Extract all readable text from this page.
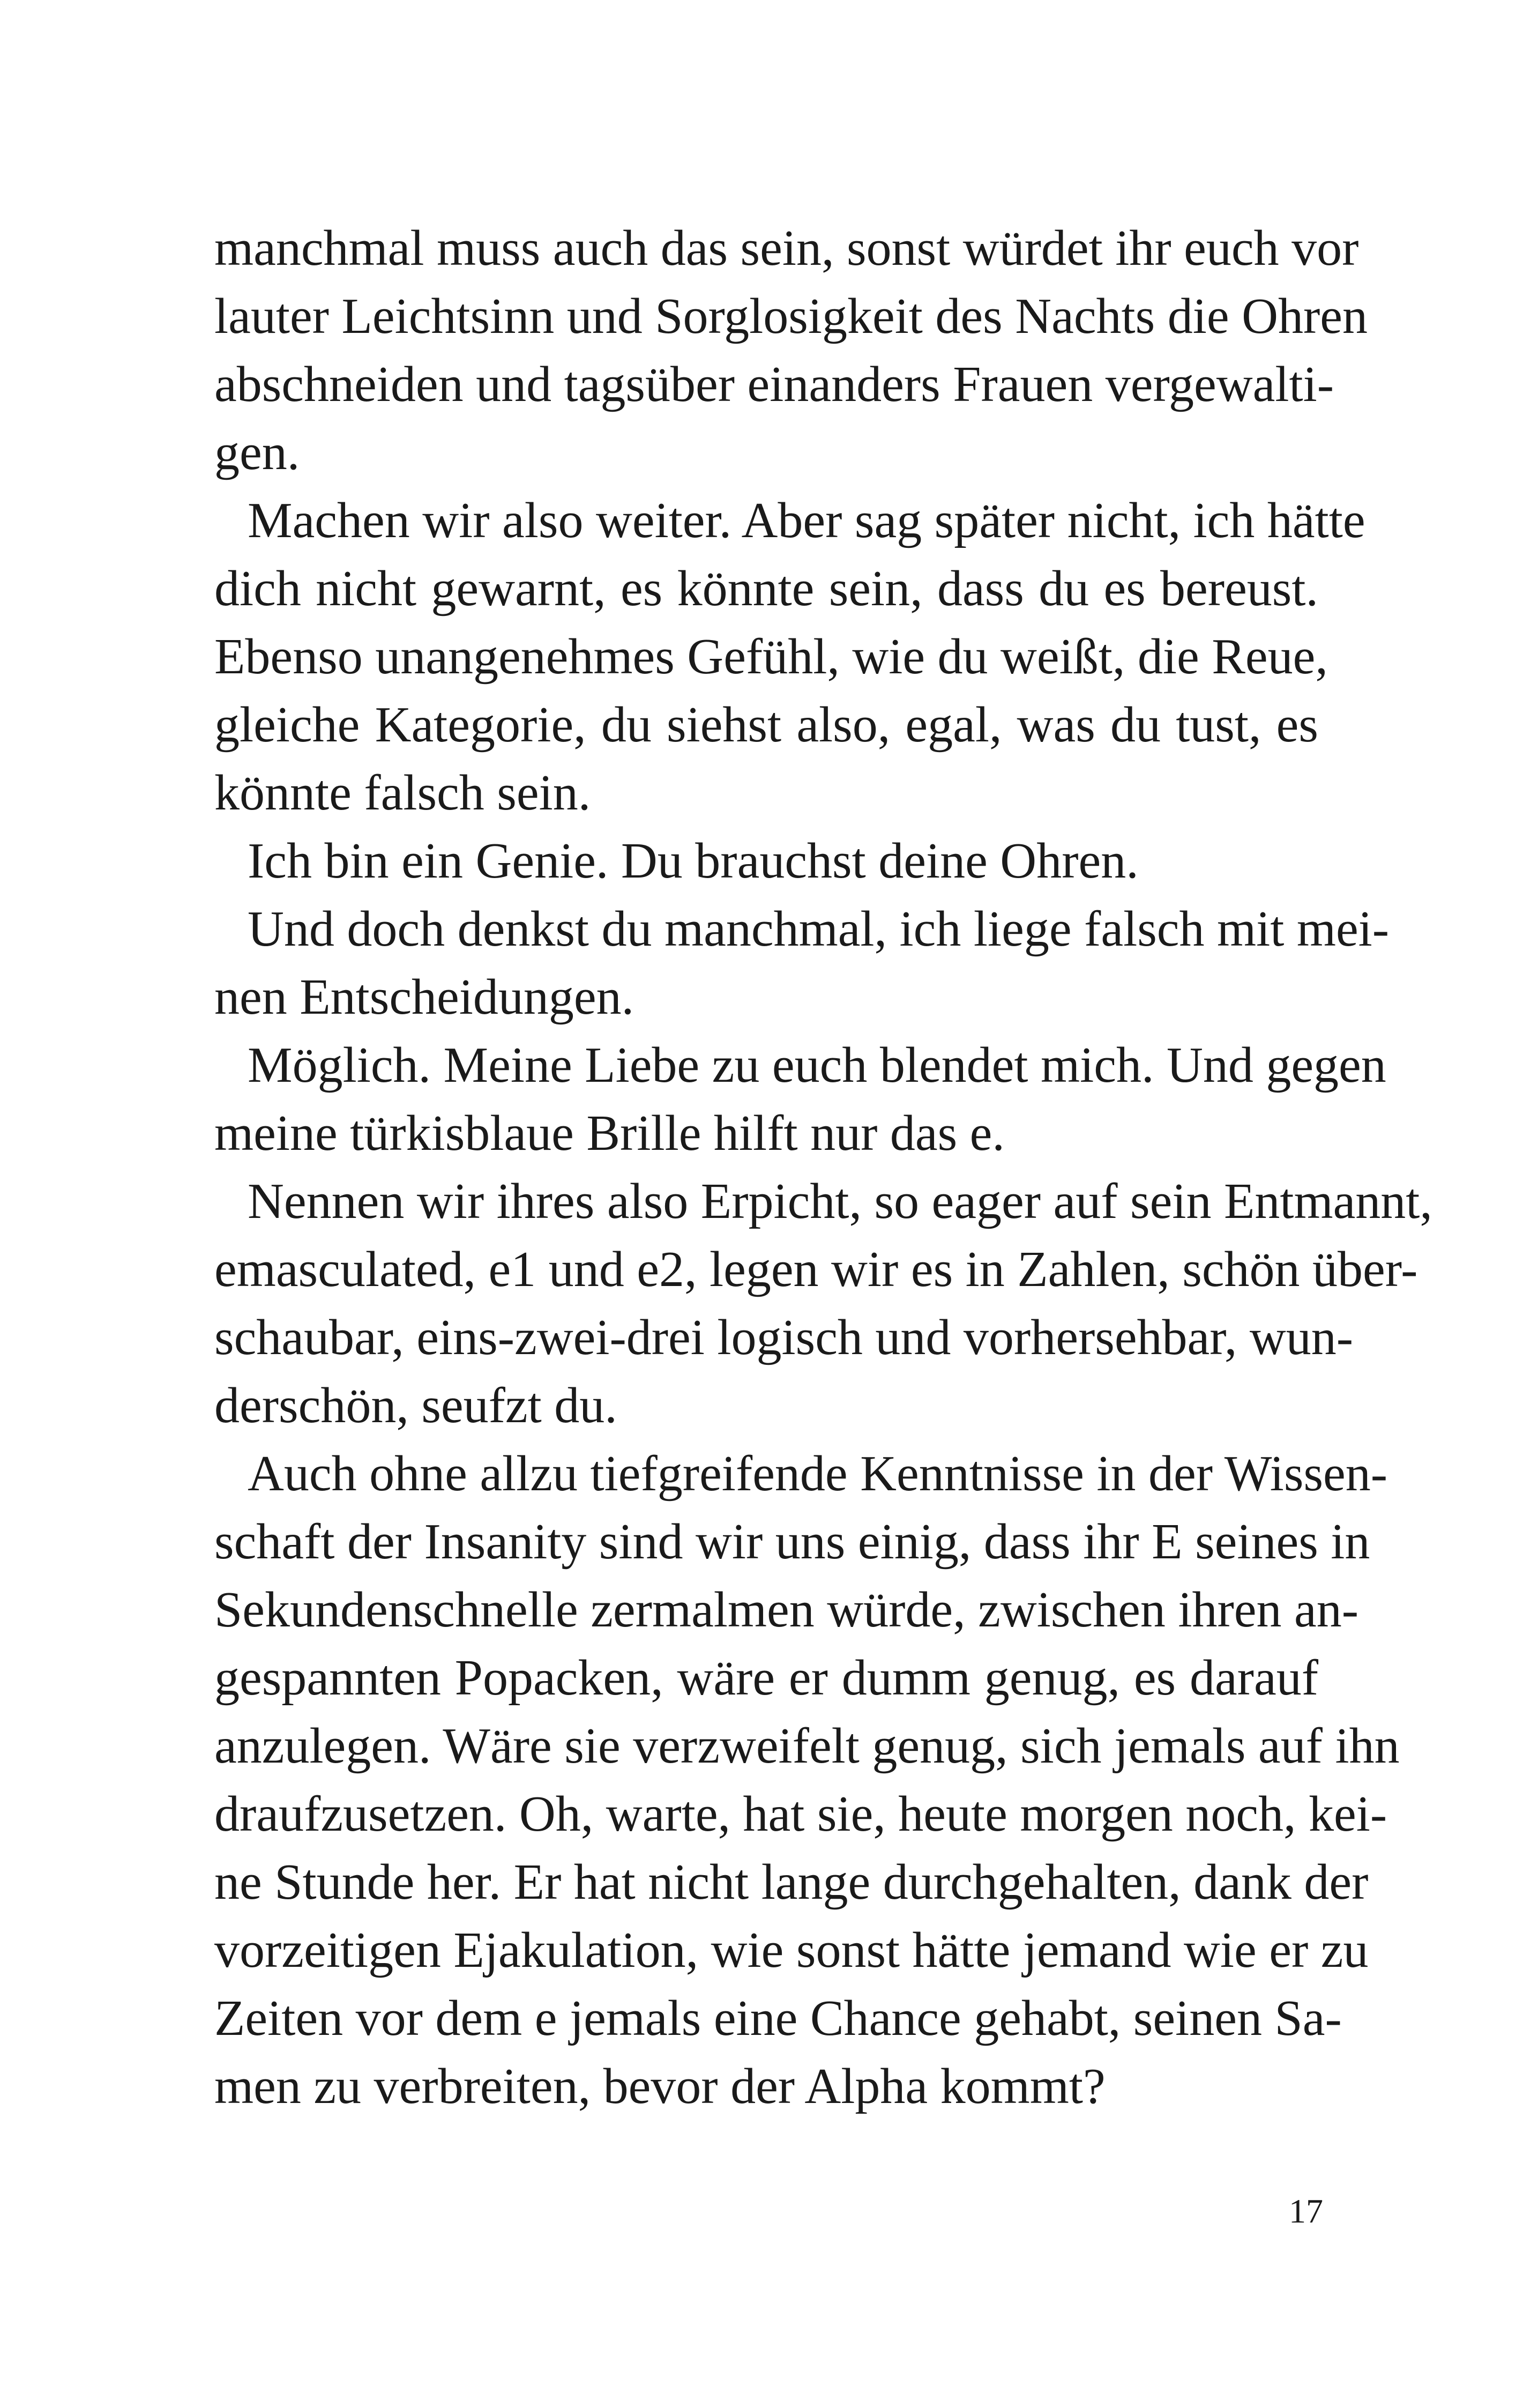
manchmal muss auch das sein, sonst würdet ihr euch vor
lauter Leichtsinn und Sorglosigkeit des Nachts die Ohren
abschneiden und tagsüber einanders Frauen vergewalti-
gen.
Machen wir also weiter. Aber sag später nicht, ich hätte
dich nicht gewarnt, es könnte sein, dass du es bereust.
Ebenso unangenehmes Gefühl, wie du weißt, die Reue,
gleiche Kategorie, du siehst also, egal, was du tust, es
könnte falsch sein.
Ich bin ein Genie. Du brauchst deine Ohren.
Und doch denkst du manchmal, ich liege falsch mit mei-
nen Entscheidungen.
Möglich. Meine Liebe zu euch blendet mich. Und gegen
meine türkisblaue Brille hilft nur das e.
Nennen wir ihres also Erpicht, so eager auf sein Entmannt,
emasculated, e1 und e2, legen wir es in Zahlen, schön über-
schaubar, eins-zwei-drei logisch und vorhersehbar, wun-
derschön, seufzt du.
Auch ohne allzu tiefgreifende Kenntnisse in der Wissen-
schaft der Insanity sind wir uns einig, dass ihr E seines in
Sekundenschnelle zermalmen würde, zwischen ihren an-
gespannten Popacken, wäre er dumm genug, es darauf
anzulegen. Wäre sie verzweifelt genug, sich jemals auf ihn
draufzusetzen. Oh, warte, hat sie, heute morgen noch, kei-
ne Stunde her. Er hat nicht lange durchgehalten, dank der
vorzeitigen Ejakulation, wie sonst hätte jemand wie er zu
Zeiten vor dem e jemals eine Chance gehabt, seinen Sa-
men zu verbreiten, bevor der Alpha kommt?
17
